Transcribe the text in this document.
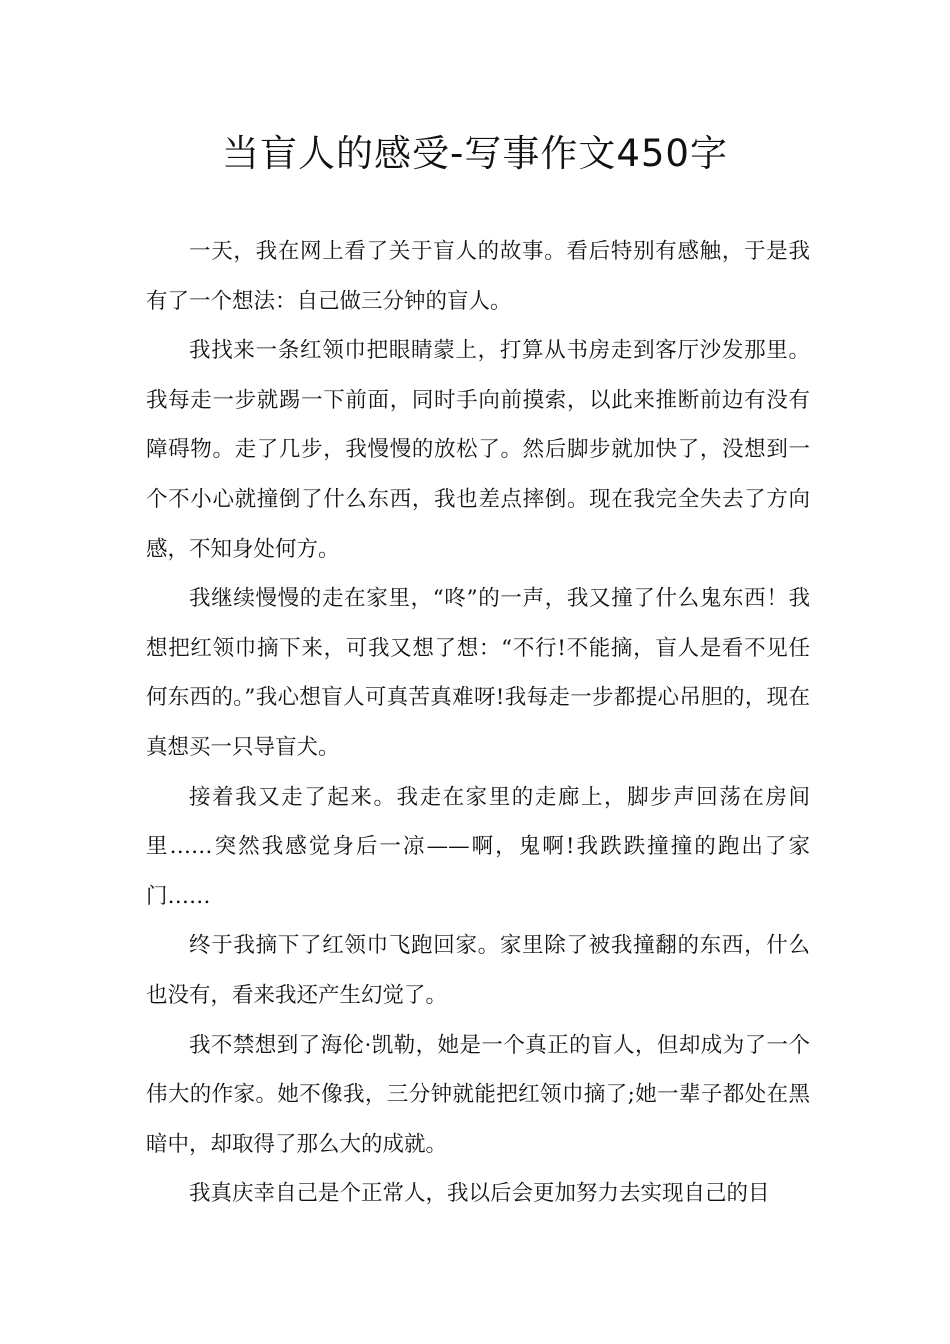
当盲人的感受-写事作文450字

一天，我在网上看了关于盲人的故事。看后特别有感触，于是我有了一个想法：自己做三分钟的盲人。

我找来一条红领巾把眼睛蒙上，打算从书房走到客厅沙发那里。我每走一步就踢一下前面，同时手向前摸索，以此来推断前边有没有障碍物。走了几步，我慢慢的放松了。然后脚步就加快了，没想到一个不小心就撞倒了什么东西，我也差点摔倒。现在我完全失去了方向感，不知身处何方。

我继续慢慢的走在家里，“咚”的一声，我又撞了什么鬼东西！我想把红领巾摘下来，可我又想了想：“不行!不能摘，盲人是看不见任何东西的。”我心想盲人可真苦真难呀!我每走一步都提心吊胆的，现在真想买一只导盲犬。

接着我又走了起来。我走在家里的走廊上，脚步声回荡在房间里……突然我感觉身后一凉——啊，鬼啊!我跌跌撞撞的跑出了家门……

终于我摘下了红领巾飞跑回家。家里除了被我撞翻的东西，什么也没有，看来我还产生幻觉了。

我不禁想到了海伦·凯勒，她是一个真正的盲人，但却成为了一个伟大的作家。她不像我，三分钟就能把红领巾摘了;她一辈子都处在黑暗中，却取得了那么大的成就。

我真庆幸自己是个正常人，我以后会更加努力去实现自己的目
